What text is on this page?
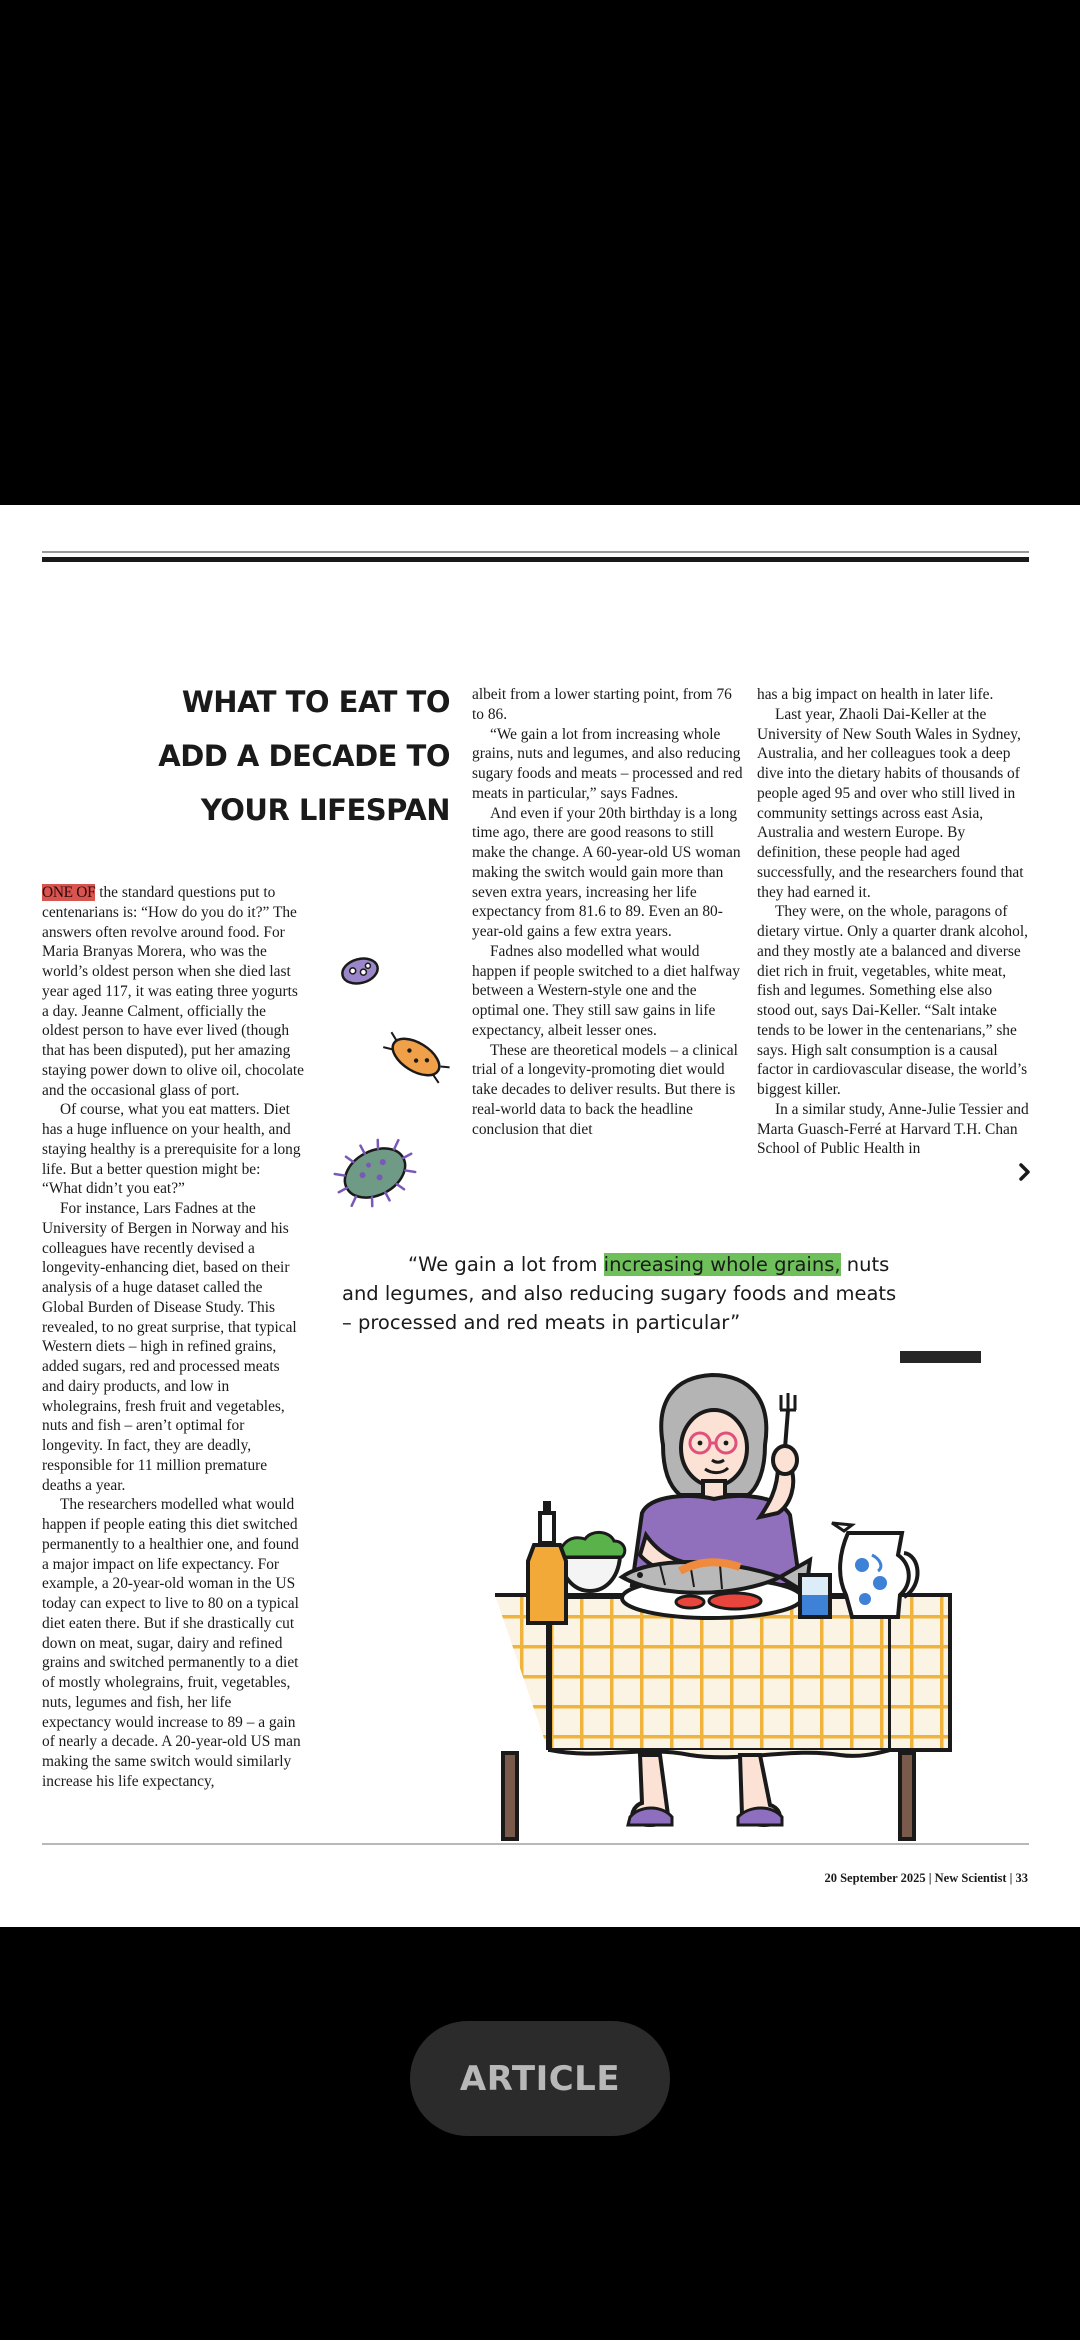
WHAT TO EAT TO
ADD A DECADE TO
YOUR LIFESPAN

ONE OF the standard questions put to centenarians is: “How do you do it?” The answers often revolve around food. For Maria Branyas Morera, who was the world’s oldest person when she died last year aged 117, it was eating three yogurts a day. Jeanne Calment, officially the oldest person to have ever lived (though that has been disputed), put her amazing staying power down to olive oil, chocolate and the occasional glass of port.

Of course, what you eat matters. Diet has a huge influence on your health, and staying healthy is a prerequisite for a long life. But a better question might be: “What didn’t you eat?”

For instance, Lars Fadnes at the University of Bergen in Norway and his colleagues have recently devised a longevity-enhancing diet, based on their analysis of a huge dataset called the Global Burden of Disease Study. This revealed, to no great surprise, that typical Western diets – high in refined grains, added sugars, red and processed meats and dairy products, and low in wholegrains, fresh fruit and vegetables, nuts and fish – aren’t optimal for longevity. In fact, they are deadly, responsible for 11 million premature deaths a year.

The researchers modelled what would happen if people eating this diet switched permanently to a healthier one, and found a major impact on life expectancy. For example, a 20-year-old woman in the US today can expect to live to 80 on a typical diet eaten there. But if she drastically cut down on meat, sugar, dairy and refined grains and switched permanently to a diet of mostly wholegrains, fruit, vegetables, nuts, legumes and fish, her life expectancy would increase to 89 – a gain of nearly a decade. A 20-year-old US man making the same switch would similarly increase his life expectancy,

albeit from a lower starting point, from 76 to 86.

“We gain a lot from increasing whole grains, nuts and legumes, and also reducing sugary foods and meats – processed and red meats in particular,” says Fadnes.

And even if your 20th birthday is a long time ago, there are good reasons to still make the change. A 60-year-old US woman making the switch would gain more than seven extra years, increasing her life expectancy from 81.6 to 89. Even an 80-year-old gains a few extra years.

Fadnes also modelled what would happen if people switched to a diet halfway between a Western-style one and the optimal one. They still saw gains in life expectancy, albeit lesser ones.

These are theoretical models – a clinical trial of a longevity-promoting diet would take decades to deliver results. But there is real-world data to back the headline conclusion that diet

has a big impact on health in later life.

Last year, Zhaoli Dai-Keller at the University of New South Wales in Sydney, Australia, and her colleagues took a deep dive into the dietary habits of thousands of people aged 95 and over who still lived in community settings across east Asia, Australia and western Europe. By definition, these people had aged successfully, and the researchers found that they had earned it.

They were, on the whole, paragons of dietary virtue. Only a quarter drank alcohol, and they mostly ate a balanced and diverse diet rich in fruit, vegetables, white meat, fish and legumes. Something else also stood out, says Dai-Keller. “Salt intake tends to be lower in the centenarians,” she says. High salt consumption is a causal factor in cardiovascular disease, the world’s biggest killer.

In a similar study, Anne-Julie Tessier and Marta Guasch-Ferré at Harvard T.H. Chan School of Public Health in

“We gain a lot from increasing whole grains, nuts and legumes, and also reducing sugary foods and meats – processed and red meats in particular”
20 September 2025 | New Scientist | 33
ARTICLE
